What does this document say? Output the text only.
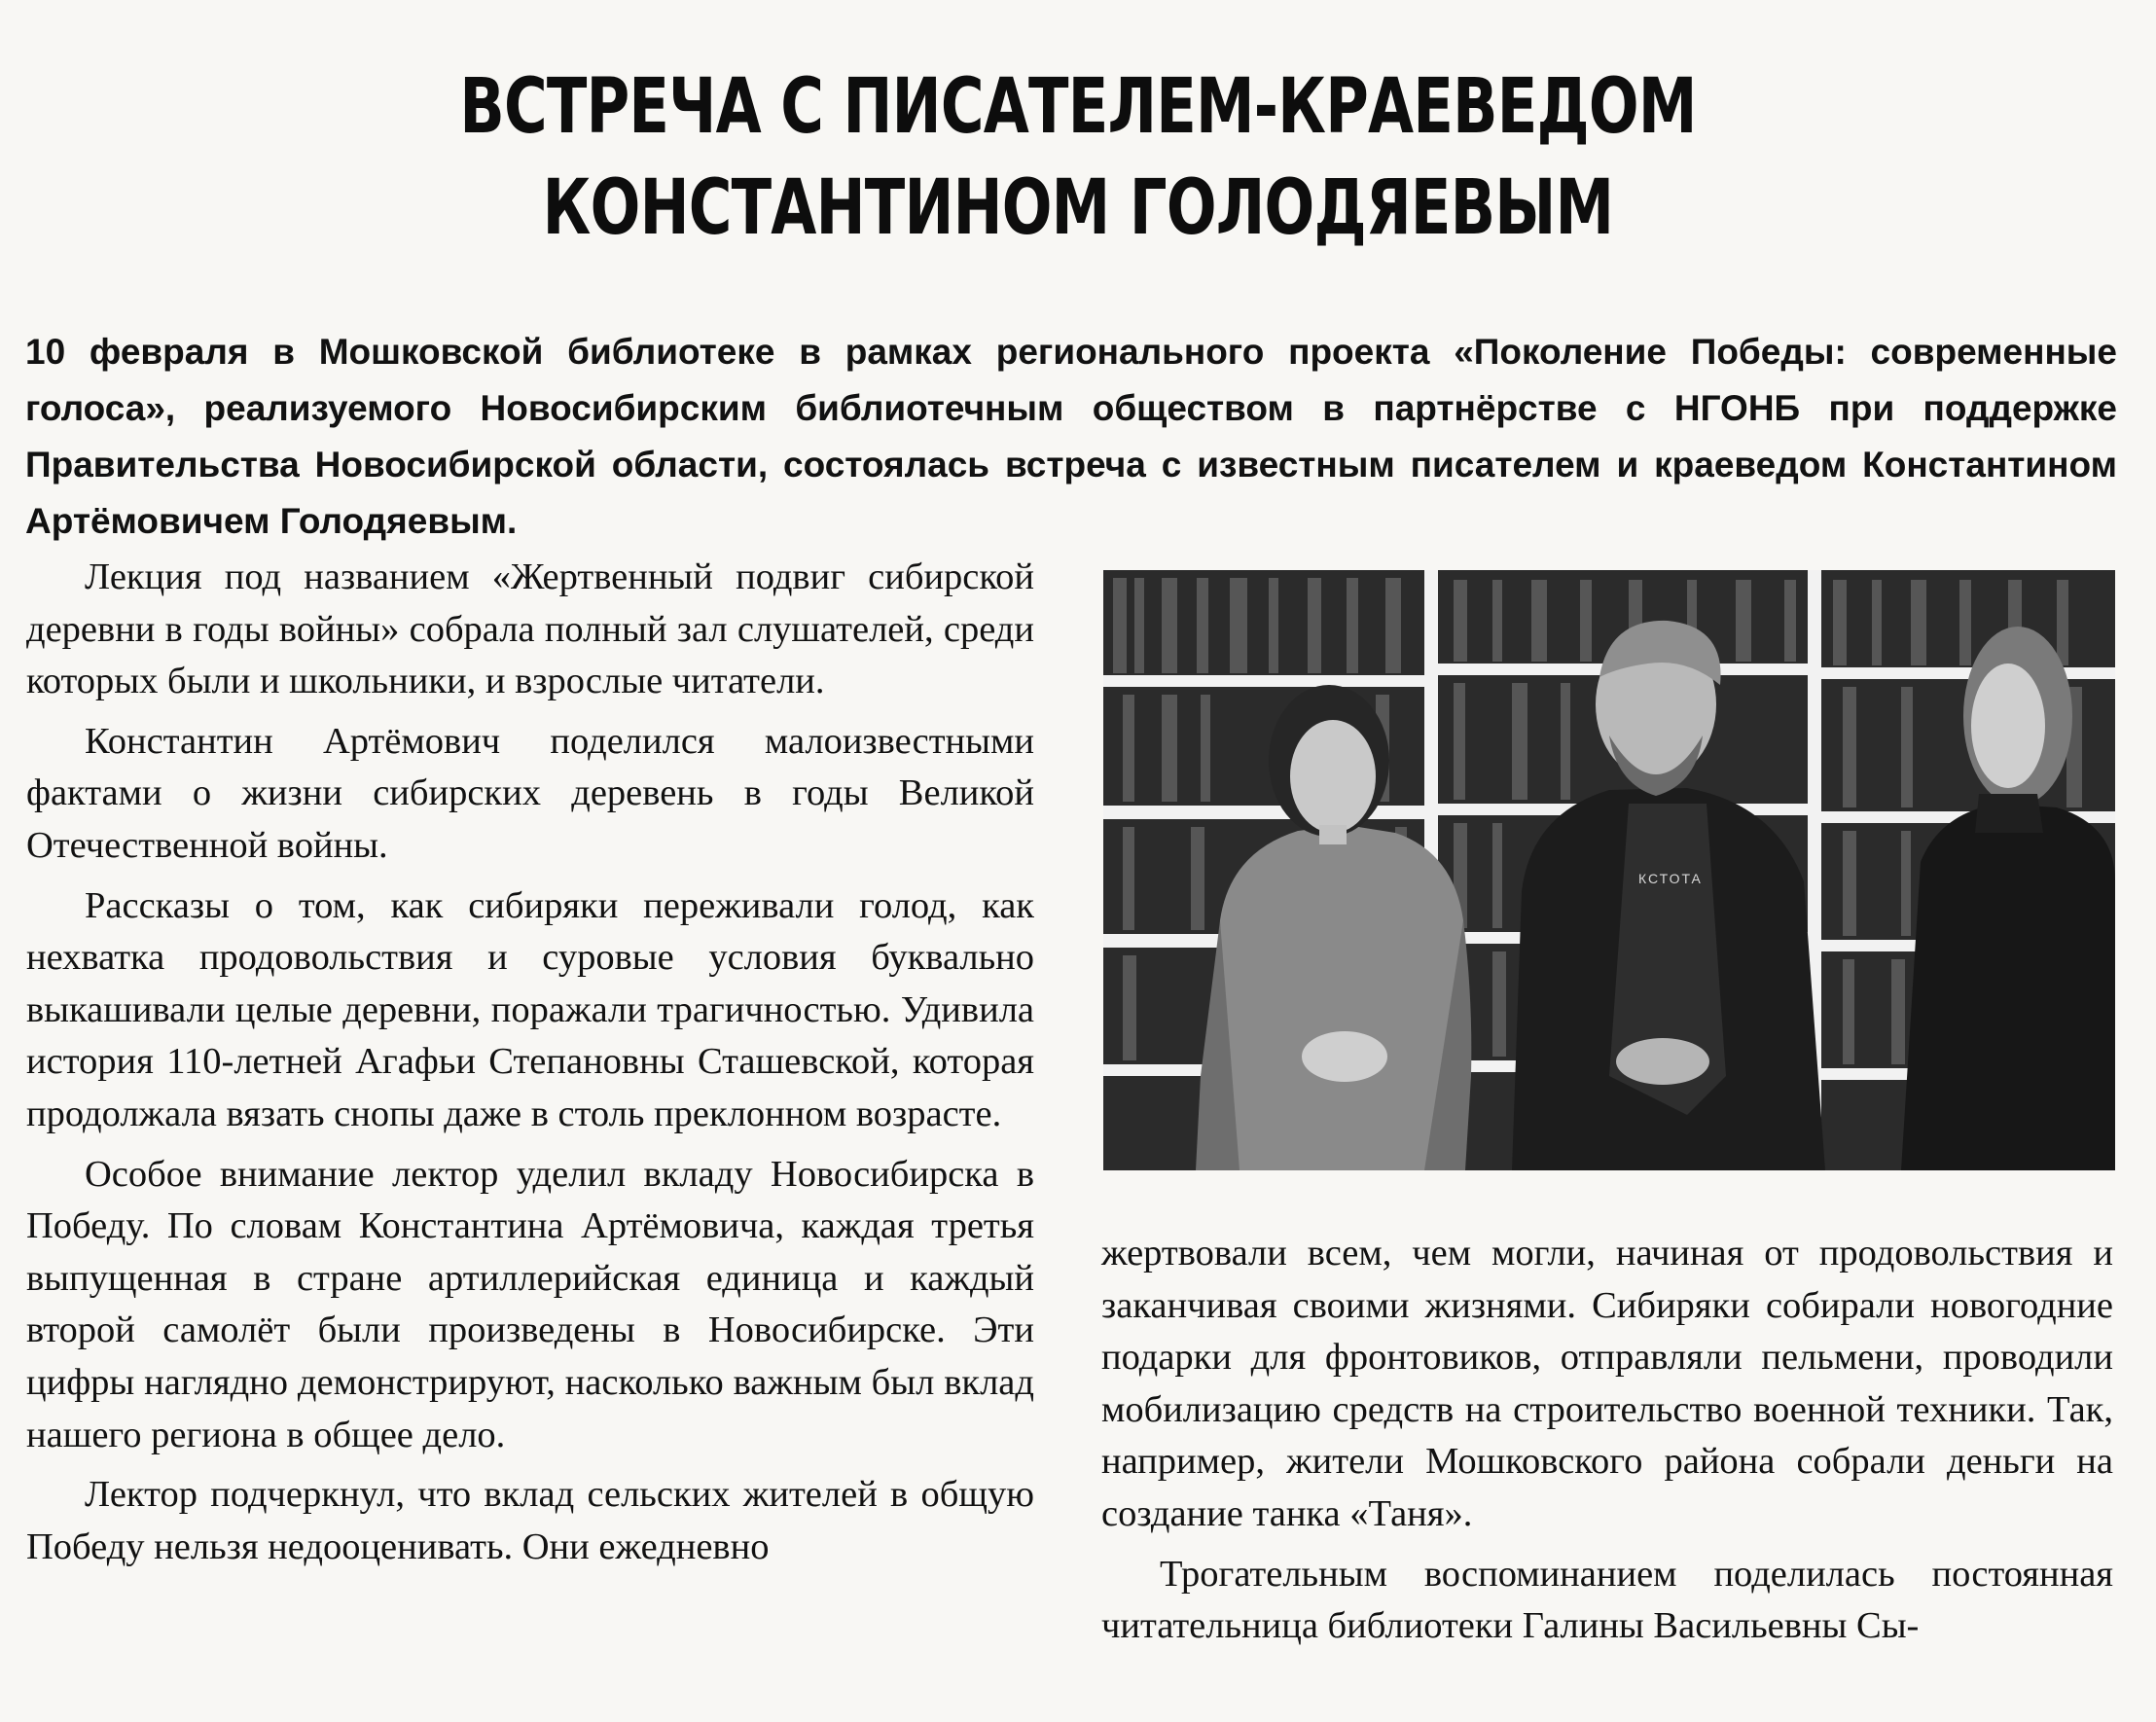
ВСТРЕЧА С ПИСАТЕЛЕМ-КРАЕВЕДОМ
КОНСТАНТИНОМ ГОЛОДЯЕВЫМ

10 февраля в Мошковской библиотеке в рамках регионального проекта «Поколение Победы: современные голоса», реализуемого Новосибирским библиотечным обществом в партнёрстве с НГОНБ при поддержке Правительства Новосибирской области, состоялась встреча с известным писателем и краеведом Константином Артёмовичем Голодяевым.

Лекция под названием «Жертвенный подвиг сибирской деревни в годы войны» собрала полный зал слушателей, среди которых были и школьники, и взрослые читатели.

Константин Артёмович поделился малоизвестными фактами о жизни сибирских деревень в годы Великой Отечественной войны.

Рассказы о том, как сибиряки переживали голод, как нехватка продовольствия и суровые условия буквально выкашивали целые деревни, поражали трагичностью. Удивила история 110-летней Агафьи Степановны Сташевской, которая продолжала вязать снопы даже в столь преклонном возрасте.

Особое внимание лектор уделил вкладу Новосибирска в Победу. По словам Константина Артёмовича, каждая третья выпущенная в стране артиллерийская единица и каждый второй самолёт были произведены в Новосибирске. Эти цифры наглядно демонстрируют, насколько важным был вклад нашего региона в общее дело.

Лектор подчеркнул, что вклад сельских жителей в общую Победу нельзя недооценивать. Они ежедневно

КСТОТА

жертвовали всем, чем могли, начиная от продовольствия и заканчивая своими жизнями. Сибиряки собирали новогодние подарки для фронтовиков, отправляли пельмени, проводили мобилизацию средств на строительство военной техники. Так, например, жители Мошковского района собрали деньги на создание танка «Таня».

Трогательным воспоминанием поделилась постоянная читательница библиотеки Галины Васильевны Сы-
